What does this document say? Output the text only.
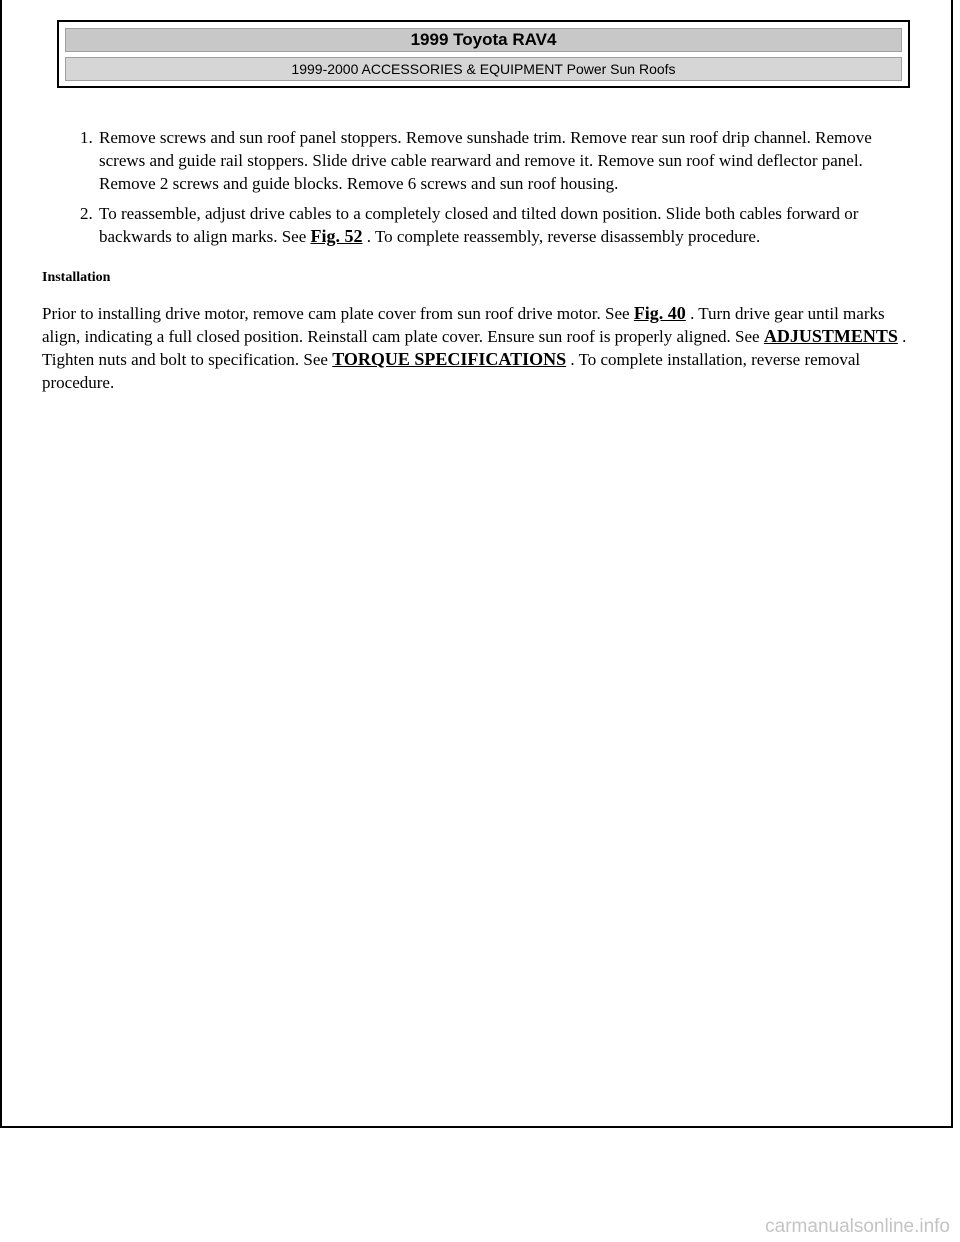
1999 Toyota RAV4
1999-2000 ACCESSORIES & EQUIPMENT Power Sun Roofs
1. Remove screws and sun roof panel stoppers. Remove sunshade trim. Remove rear sun roof drip channel. Remove screws and guide rail stoppers. Slide drive cable rearward and remove it. Remove sun roof wind deflector panel. Remove 2 screws and guide blocks. Remove 6 screws and sun roof housing.
2. To reassemble, adjust drive cables to a completely closed and tilted down position. Slide both cables forward or backwards to align marks. See Fig. 52 . To complete reassembly, reverse disassembly procedure.
Installation

Prior to installing drive motor, remove cam plate cover from sun roof drive motor. See Fig. 40 . Turn drive gear until marks align, indicating a full closed position. Reinstall cam plate cover. Ensure sun roof is properly aligned. See ADJUSTMENTS . Tighten nuts and bolt to specification. See TORQUE SPECIFICATIONS . To complete installation, reverse removal procedure.

carmanualsonline.info
